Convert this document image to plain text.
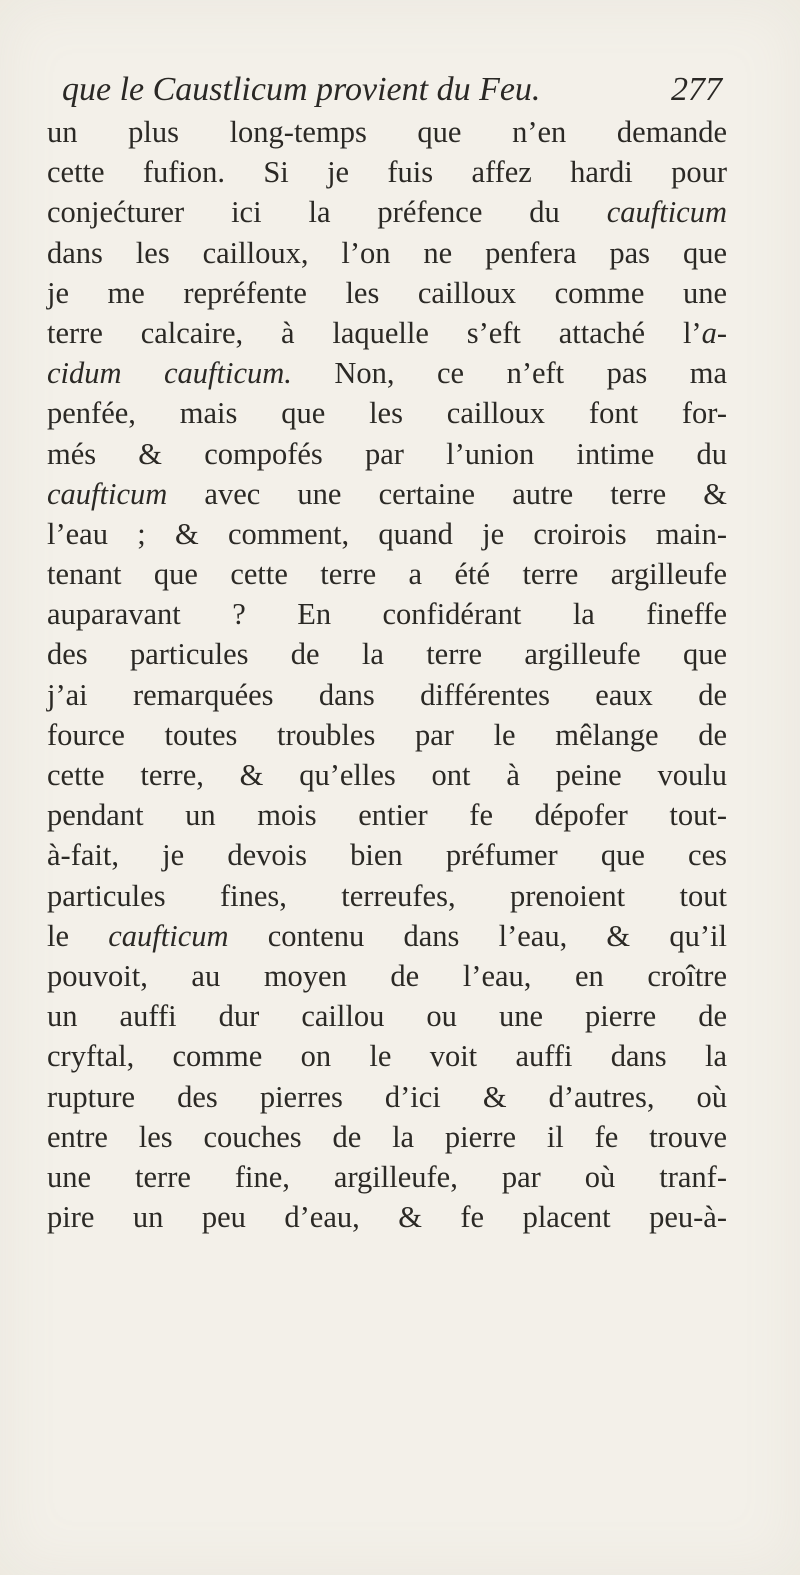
que le Caustlicum provient du Feu.	277
un plus long-temps que n’en demande
cette fufion. Si je fuis affez hardi pour
conjećturer ici la préfence du caufticum
dans les cailloux, l’on ne penfera pas que
je me repréfente les cailloux comme une
terre calcaire, à laquelle s’eft attaché l’a-
cidum caufticum. Non, ce n’eft pas ma
penfée, mais que les cailloux font for-
més & compofés par l’union intime du
caufticum avec une certaine autre terre &
l’eau ; & comment, quand je croirois main-
tenant que cette terre a été terre argilleufe
auparavant ? En confidérant la fineffe
des particules de la terre argilleufe que
j’ai remarquées dans différentes eaux de
fource toutes troubles par le mêlange de
cette terre, & qu’elles ont à peine voulu
pendant un mois entier fe dépofer tout-
à-fait, je devois bien préfumer que ces
particules fines, terreufes, prenoient tout
le caufticum contenu dans l’eau, & qu’il
pouvoit, au moyen de l’eau, en croître
un auffi dur caillou ou une pierre de
cryftal, comme on le voit auffi dans la
rupture des pierres d’ici & d’autres, où
entre les couches de la pierre il fe trouve
une terre fine, argilleufe, par où tranf-
pire un peu d’eau, & fe placent peu-à-
